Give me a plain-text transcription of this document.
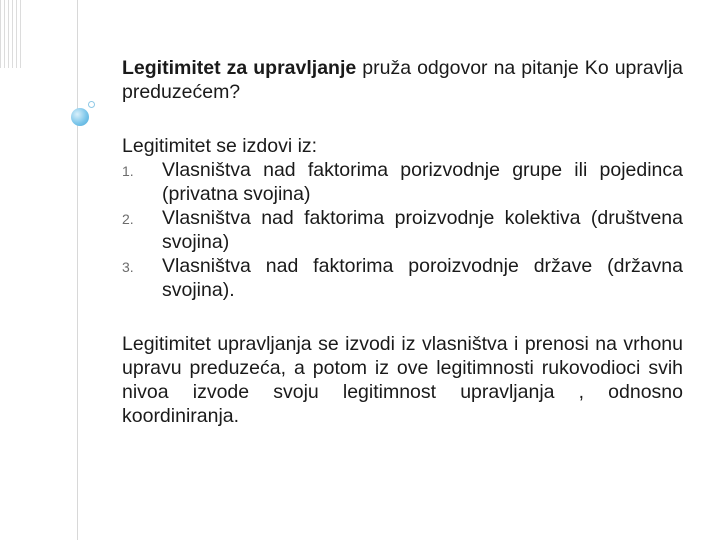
Legitimitet za upravljanje pruža odgovor na pitanje Ko upravlja preduzećem?

Legitimitet se izdovi iz:
1. Vlasništva nad faktorima porizvodnje grupe ili pojedinca (privatna svojina)
2. Vlasništva nad faktorima proizvodnje kolektiva (društvena svojina)
3. Vlasništva nad faktorima poroizvodnje države (državna svojina).

Legitimitet upravljanja se izvodi iz vlasništva i prenosi na vrhonu upravu preduzeća, a potom iz ove legitimnosti rukovodioci svih nivoa izvode svoju legitimnost upravljanja , odnosno koordiniranja.
